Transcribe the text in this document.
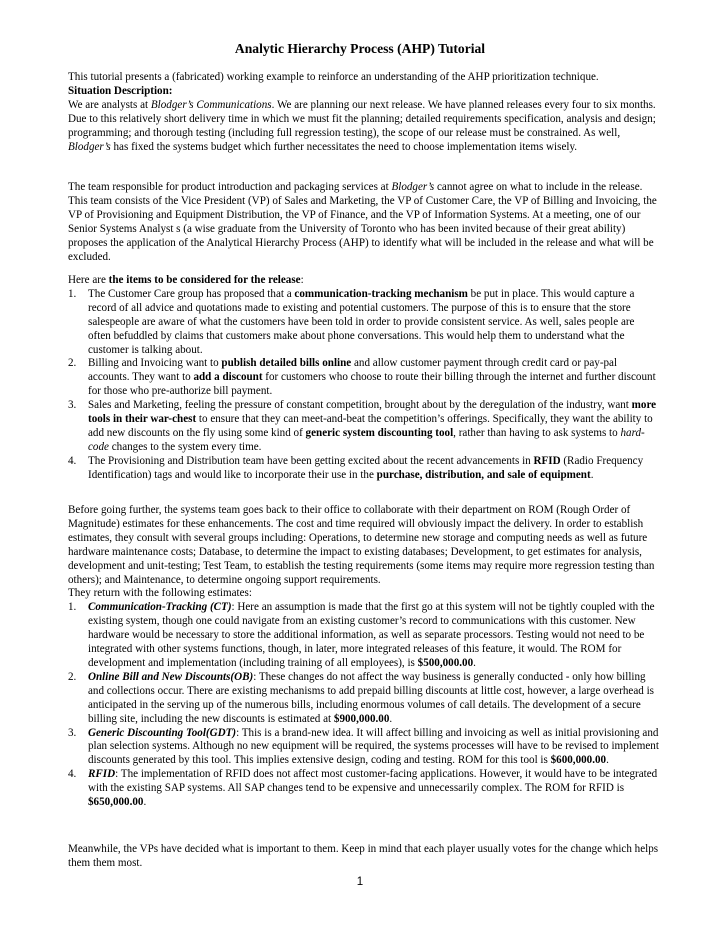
Analytic Hierarchy Process (AHP) Tutorial

This tutorial presents a (fabricated) working example to reinforce an understanding of the AHP prioritization technique.

Situation Description:

We are analysts at Blodger’s Communications. We are planning our next release. We have planned releases every four to six months. Due to this relatively short delivery time in which we must fit the planning; detailed requirements specification, analysis and design; programming; and thorough testing (including full regression testing), the scope of our release must be constrained. As well, Blodger’s has fixed the systems budget which further necessitates the need to choose implementation items wisely.

The team responsible for product introduction and packaging services at Blodger’s cannot agree on what to include in the release. This team consists of the Vice President (VP) of Sales and Marketing, the VP of Customer Care, the VP of Billing and Invoicing, the VP of Provisioning and Equipment Distribution, the VP of Finance, and the VP of Information Systems. At a meeting, one of our Senior Systems Analyst s (a wise graduate from the University of Toronto who has been invited because of their great ability) proposes the application of the Analytical Hierarchy Process (AHP) to identify what will be included in the release and what will be excluded.

Here are the items to be considered for the release:

1. The Customer Care group has proposed that a communication-tracking mechanism be put in place. This would capture a record of all advice and quotations made to existing and potential customers. The purpose of this is to ensure that the store salespeople are aware of what the customers have been told in order to provide consistent service. As well, sales people are often befuddled by claims that customers make about phone conversations. This would help them to understand what the customer is talking about.
2. Billing and Invoicing want to publish detailed bills online and allow customer payment through credit card or pay-pal accounts. They want to add a discount for customers who choose to route their billing through the internet and further discount for those who pre-authorize bill payment.
3. Sales and Marketing, feeling the pressure of constant competition, brought about by the deregulation of the industry, want more tools in their war-chest to ensure that they can meet-and-beat the competition’s offerings. Specifically, they want the ability to add new discounts on the fly using some kind of generic system discounting tool, rather than having to ask systems to hard-code changes to the system every time.
4. The Provisioning and Distribution team have been getting excited about the recent advancements in RFID (Radio Frequency Identification) tags and would like to incorporate their use in the purchase, distribution, and sale of equipment.

Before going further, the systems team goes back to their office to collaborate with their department on ROM (Rough Order of Magnitude) estimates for these enhancements. The cost and time required will obviously impact the delivery. In order to establish estimates, they consult with several groups including: Operations, to determine new storage and computing needs as well as future hardware maintenance costs; Database, to determine the impact to existing databases; Development, to get estimates for analysis, development and unit-testing; Test Team, to establish the testing requirements (some items may require more regression testing than others); and Maintenance, to determine ongoing support requirements.

They return with the following estimates:

1. Communication-Tracking (CT): Here an assumption is made that the first go at this system will not be tightly coupled with the existing system, though one could navigate from an existing customer’s record to communications with this customer. New hardware would be necessary to store the additional information, as well as separate processors. Testing would not need to be integrated with other systems functions, though, in later, more integrated releases of this feature, it would. The ROM for development and implementation (including training of all employees), is $500,000.00.
2. Online Bill and New Discounts(OB): These changes do not affect the way business is generally conducted - only how billing and collections occur. There are existing mechanisms to add prepaid billing discounts at little cost, however, a large overhead is anticipated in the serving up of the numerous bills, including enormous volumes of call details. The development of a secure billing site, including the new discounts is estimated at $900,000.00.
3. Generic Discounting Tool(GDT): This is a brand-new idea. It will affect billing and invoicing as well as initial provisioning and plan selection systems. Although no new equipment will be required, the systems processes will have to be revised to implement discounts generated by this tool. This implies extensive design, coding and testing. ROM for this tool is $600,000.00.
4. RFID: The implementation of RFID does not affect most customer-facing applications. However, it would have to be integrated with the existing SAP systems. All SAP changes tend to be expensive and unnecessarily complex. The ROM for RFID is $650,000.00.

Meanwhile, the VPs have decided what is important to them. Keep in mind that each player usually votes for the change which helps them them most.

1
